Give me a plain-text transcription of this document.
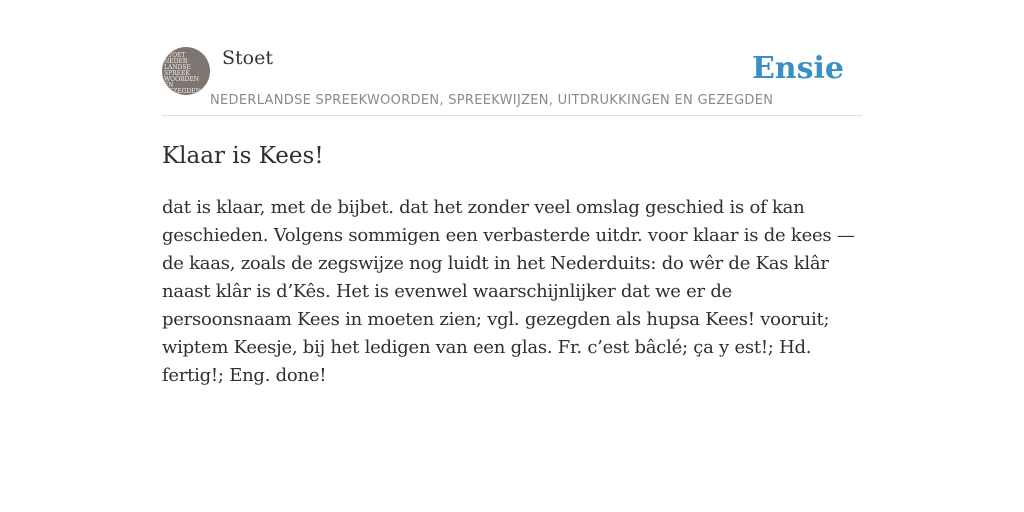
STOET NEDER LANDSE SPREEK WOORDEN EN GEZEGDEN
Stoet
NEDERLANDSE SPREEKWOORDEN, SPREEKWIJZEN, UITDRUKKINGEN EN GEZEGDEN
Ensie
Klaar is Kees!

dat is klaar, met de bijbet. dat het zonder veel omslag geschied is of kan geschieden. Volgens sommigen een verbasterde uitdr. voor klaar is de kees — de kaas, zoals de zegswijze nog luidt in het Nederduits: do wêr de Kas klâr naast klâr is d’Kês. Het is evenwel waarschijnlijker dat we er de persoonsnaam Kees in moeten zien; vgl. gezegden als hupsa Kees! vooruit; wiptem Keesje, bij het ledigen van een glas. Fr. c’est bâclé; ça y est!; Hd. fertig!; Eng. done!
